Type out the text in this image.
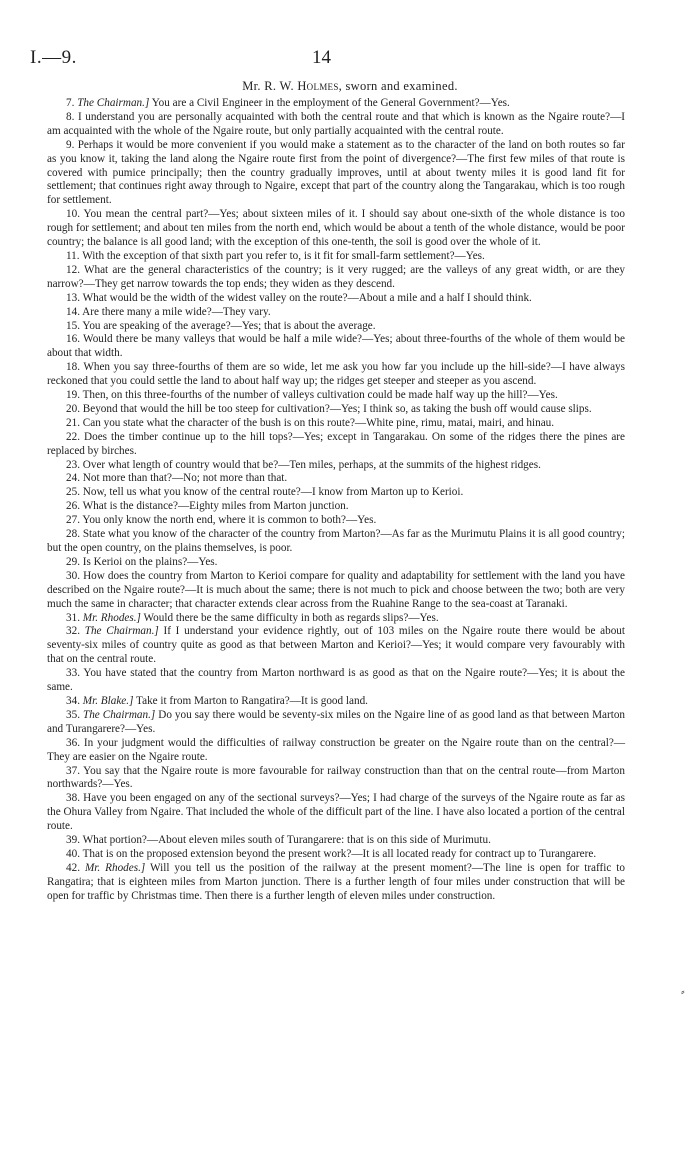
I.—9.	14
Mr. R. W. Holmes, sworn and examined.

7. The Chairman.] You are a Civil Engineer in the employment of the General Government?—Yes.

8. I understand you are personally acquainted with both the central route and that which is known as the Ngaire route?—I am acquainted with the whole of the Ngaire route, but only partially acquainted with the central route.

9. Perhaps it would be more convenient if you would make a statement as to the character of the land on both routes so far as you know it, taking the land along the Ngaire route first from the point of divergence?—The first few miles of that route is covered with pumice principally; then the country gradually improves, until at about twenty miles it is good land fit for settlement; that continues right away through to Ngaire, except that part of the country along the Tangarakau, which is too rough for settlement.

10. You mean the central part?—Yes; about sixteen miles of it. I should say about one-sixth of the whole distance is too rough for settlement; and about ten miles from the north end, which would be about a tenth of the whole distance, would be poor country; the balance is all good land; with the exception of this one-tenth, the soil is good over the whole of it.

11. With the exception of that sixth part you refer to, is it fit for small-farm settlement?—Yes.

12. What are the general characteristics of the country; is it very rugged; are the valleys of any great width, or are they narrow?—They get narrow towards the top ends; they widen as they descend.

13. What would be the width of the widest valley on the route?—About a mile and a half I should think.

14. Are there many a mile wide?—They vary.

15. You are speaking of the average?—Yes; that is about the average.

16. Would there be many valleys that would be half a mile wide?—Yes; about three-fourths of the whole of them would be about that width.

18. When you say three-fourths of them are so wide, let me ask you how far you include up the hill-side?—I have always reckoned that you could settle the land to about half way up; the ridges get steeper and steeper as you ascend.

19. Then, on this three-fourths of the number of valleys cultivation could be made half way up the hill?—Yes.

20. Beyond that would the hill be too steep for cultivation?—Yes; I think so, as taking the bush off would cause slips.

21. Can you state what the character of the bush is on this route?—White pine, rimu, matai, mairi, and hinau.

22. Does the timber continue up to the hill tops?—Yes; except in Tangarakau. On some of the ridges there the pines are replaced by birches.

23. Over what length of country would that be?—Ten miles, perhaps, at the summits of the highest ridges.

24. Not more than that?—No; not more than that.

25. Now, tell us what you know of the central route?—I know from Marton up to Kerioi.

26. What is the distance?—Eighty miles from Marton junction.

27. You only know the north end, where it is common to both?—Yes.

28. State what you know of the character of the country from Marton?—As far as the Murimutu Plains it is all good country; but the open country, on the plains themselves, is poor.

29. Is Kerioi on the plains?—Yes.

30. How does the country from Marton to Kerioi compare for quality and adaptability for settlement with the land you have described on the Ngaire route?—It is much about the same; there is not much to pick and choose between the two; both are very much the same in character; that character extends clear across from the Ruahine Range to the sea-coast at Taranaki.

31. Mr. Rhodes.] Would there be the same difficulty in both as regards slips?—Yes.

32. The Chairman.] If I understand your evidence rightly, out of 103 miles on the Ngaire route there would be about seventy-six miles of country quite as good as that between Marton and Kerioi?—Yes; it would compare very favourably with that on the central route.

33. You have stated that the country from Marton northward is as good as that on the Ngaire route?—Yes; it is about the same.

34. Mr. Blake.] Take it from Marton to Rangatira?—It is good land.

35. The Chairman.] Do you say there would be seventy-six miles on the Ngaire line of as good land as that between Marton and Turangarere?—Yes.

36. In your judgment would the difficulties of railway construction be greater on the Ngaire route than on the central?—They are easier on the Ngaire route.

37. You say that the Ngaire route is more favourable for railway construction than that on the central route—from Marton northwards?—Yes.

38. Have you been engaged on any of the sectional surveys?—Yes; I had charge of the surveys of the Ngaire route as far as the Ohura Valley from Ngaire. That included the whole of the difficult part of the line. I have also located a portion of the central route.

39. What portion?—About eleven miles south of Turangarere: that is on this side of Murimutu.

40. That is on the proposed extension beyond the present work?—It is all located ready for contract up to Turangarere.

42. Mr. Rhodes.] Will you tell us the position of the railway at the present moment?—The line is open for traffic to Rangatira; that is eighteen miles from Marton junction. There is a further length of four miles under construction that will be open for traffic by Christmas time. Then there is a further length of eleven miles under construction.

⸗
